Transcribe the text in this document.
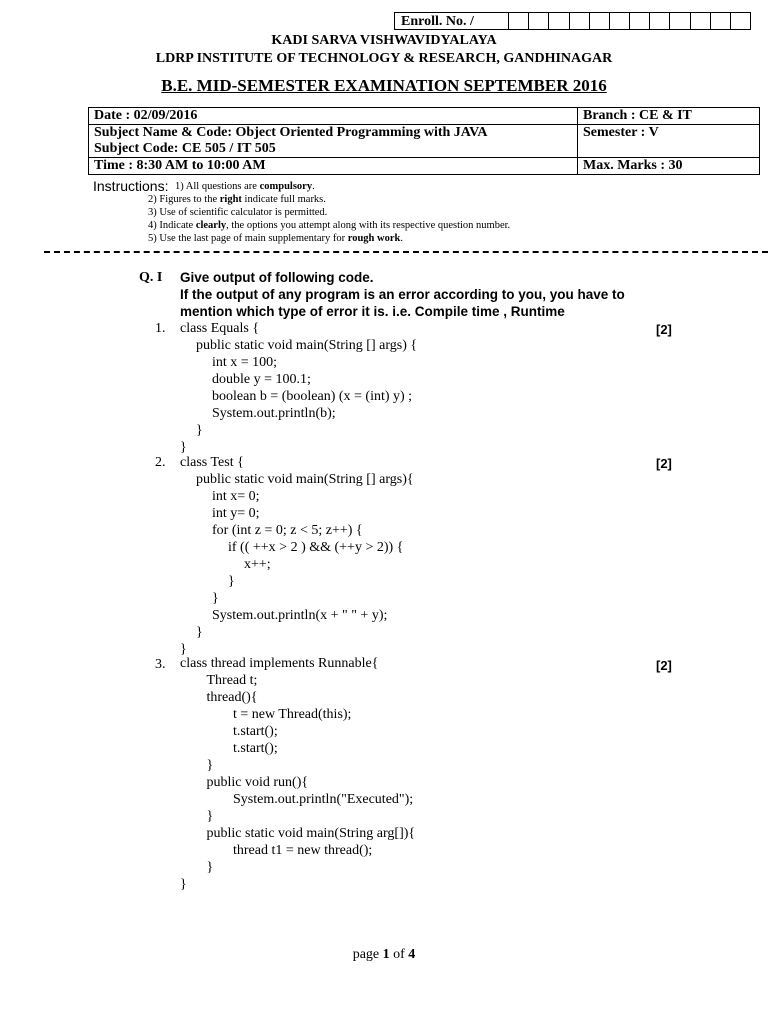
Enroll. No. /
KADI SARVA VISHWAVIDYALAYA
LDRP INSTITUTE OF TECHNOLOGY & RESEARCH, GANDHINAGAR
B.E. MID-SEMESTER EXAMINATION SEPTEMBER 2016
Date : 02/09/2016	Branch : CE & IT

Subject Name & Code: Object Oriented Programming with JAVA
Subject Code: CE 505 / IT 505	Semester : V
Time : 8:30 AM to 10:00 AM	Max. Marks : 30
Instructions: 1) All questions are compulsory.
2) Figures to the right indicate full marks.
3) Use of scientific calculator is permitted.
4) Indicate clearly, the options you attempt along with its respective question number.
5) Use the last page of main supplementary for rough work.
Q. I Give output of following code.
If the output of any program is an error according to you, you have to
mention which type of error it is. i.e. Compile time , Runtime
1.	[2]
class Equals {
public static void main(String [] args) {
int x = 100;
double y = 100.1;
boolean b = (boolean) (x = (int) y) ;
System.out.println(b);
}
}
2.	[2]
class Test {
public static void main(String [] args){
int x= 0;
int y= 0;
for (int z = 0; z < 5; z++) {
if (( ++x > 2 ) && (++y > 2)) {
x++;
}
}
System.out.println(x + " " + y);
}
}
3.	[2]
class thread implements Runnable{
Thread t;
thread(){
t = new Thread(this);
t.start();
t.start();
}
public void run(){
System.out.println("Executed");
}
public static void main(String arg[]){
thread t1 = new thread();
}
}
page 1 of 4
